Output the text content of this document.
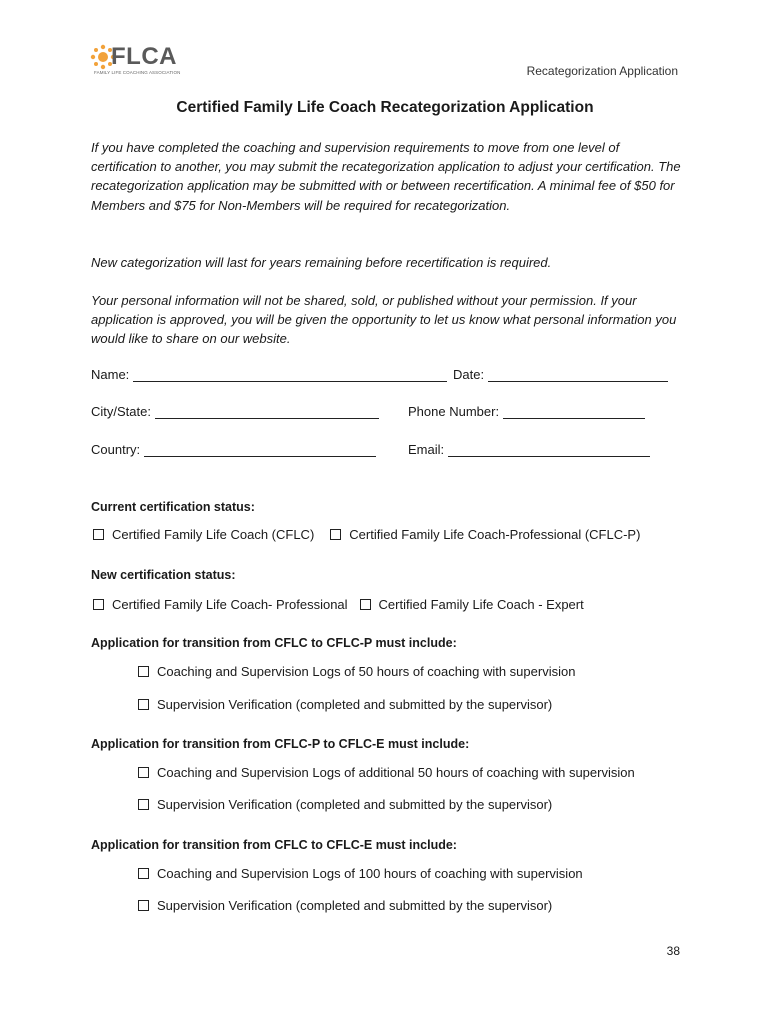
FLCA
FAMILY LIFE COACHING ASSOCIATION	Recategorization Application
Certified Family Life Coach Recategorization Application
If you have completed the coaching and supervision requirements to move from one level of certification to another, you may submit the recategorization application to adjust your certification. The recategorization application may be submitted with or between recertification. A minimal fee of $50 for Members and $75 for Non-Members will be required for recategorization.
New categorization will last for years remaining before recertification is required.
Your personal information will not be shared, sold, or published without your permission. If your application is approved, you will be given the opportunity to let us know what personal information you would like to share on our website.
Name:	Date:
City/State:	Phone Number:
Country:	Email:
Current certification status:
Certified Family Life Coach (CFLC)	Certified Family Life Coach-Professional (CFLC-P)
New certification status:
Certified Family Life Coach- Professional Certified Family Life Coach - Expert
Application for transition from CFLC to CFLC-P must include:
Coaching and Supervision Logs of 50 hours of coaching with supervision
Supervision Verification (completed and submitted by the supervisor)
Application for transition from CFLC-P to CFLC-E must include:
Coaching and Supervision Logs of additional 50 hours of coaching with supervision
Supervision Verification (completed and submitted by the supervisor)
Application for transition from CFLC to CFLC-E must include:
Coaching and Supervision Logs of 100 hours of coaching with supervision
Supervision Verification (completed and submitted by the supervisor)
38
